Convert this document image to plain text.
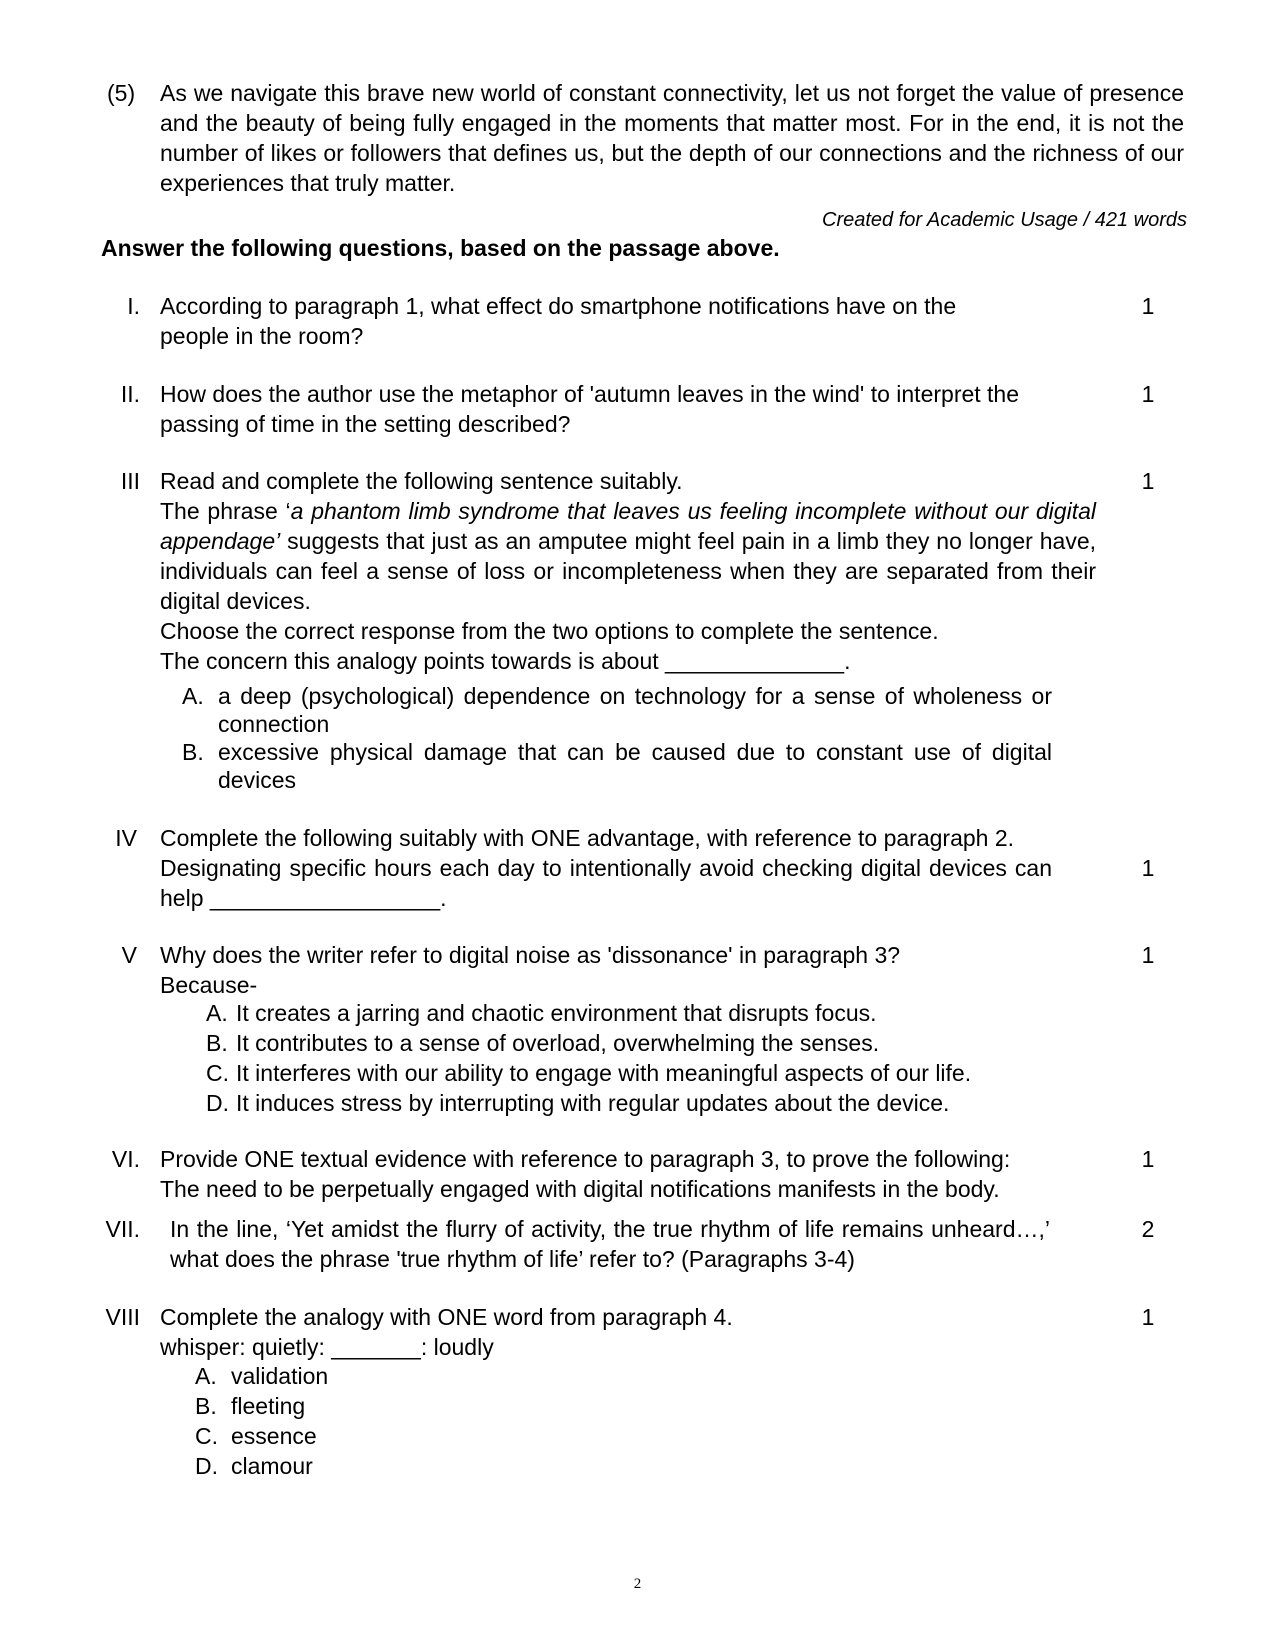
(5) As we navigate this brave new world of constant connectivity, let us not forget the value of presence and the beauty of being fully engaged in the moments that matter most. For in the end, it is not the number of likes or followers that defines us, but the depth of our connections and the richness of our experiences that truly matter.
Created for Academic Usage / 421 words
Answer the following questions, based on the passage above.
I. According to paragraph 1, what effect do smartphone notifications have on the people in the room?
1
II. How does the author use the metaphor of 'autumn leaves in the wind' to interpret the passing of time in the setting described?
1
III Read and complete the following sentence suitably.
The phrase ‘a phantom limb syndrome that leaves us feeling incomplete without our digital appendage’ suggests that just as an amputee might feel pain in a limb they no longer have, individuals can feel a sense of loss or incompleteness when they are separated from their digital devices.
Choose the correct response from the two options to complete the sentence.
The concern this analogy points towards is about ______________.
1
A. a deep (psychological) dependence on technology for a sense of wholeness or connection
B. excessive physical damage that can be caused due to constant use of digital devices
IV Complete the following suitably with ONE advantage, with reference to paragraph 2.
Designating specific hours each day to intentionally avoid checking digital devices can help __________________.
1
V Why does the writer refer to digital noise as 'dissonance' in paragraph 3?
Because-
1
A. It creates a jarring and chaotic environment that disrupts focus.
B. It contributes to a sense of overload, overwhelming the senses.
C. It interferes with our ability to engage with meaningful aspects of our life.
D. It induces stress by interrupting with regular updates about the device.
VI. Provide ONE textual evidence with reference to paragraph 3, to prove the following:
The need to be perpetually engaged with digital notifications manifests in the body.
1
VII. In the line, ‘Yet amidst the flurry of activity, the true rhythm of life remains unheard…,’ what does the phrase 'true rhythm of life’ refer to? (Paragraphs 3-4)
2
VIII Complete the analogy with ONE word from paragraph 4.
whisper: quietly: _______: loudly
1
A. validation
B. fleeting
C. essence
D. clamour
2
